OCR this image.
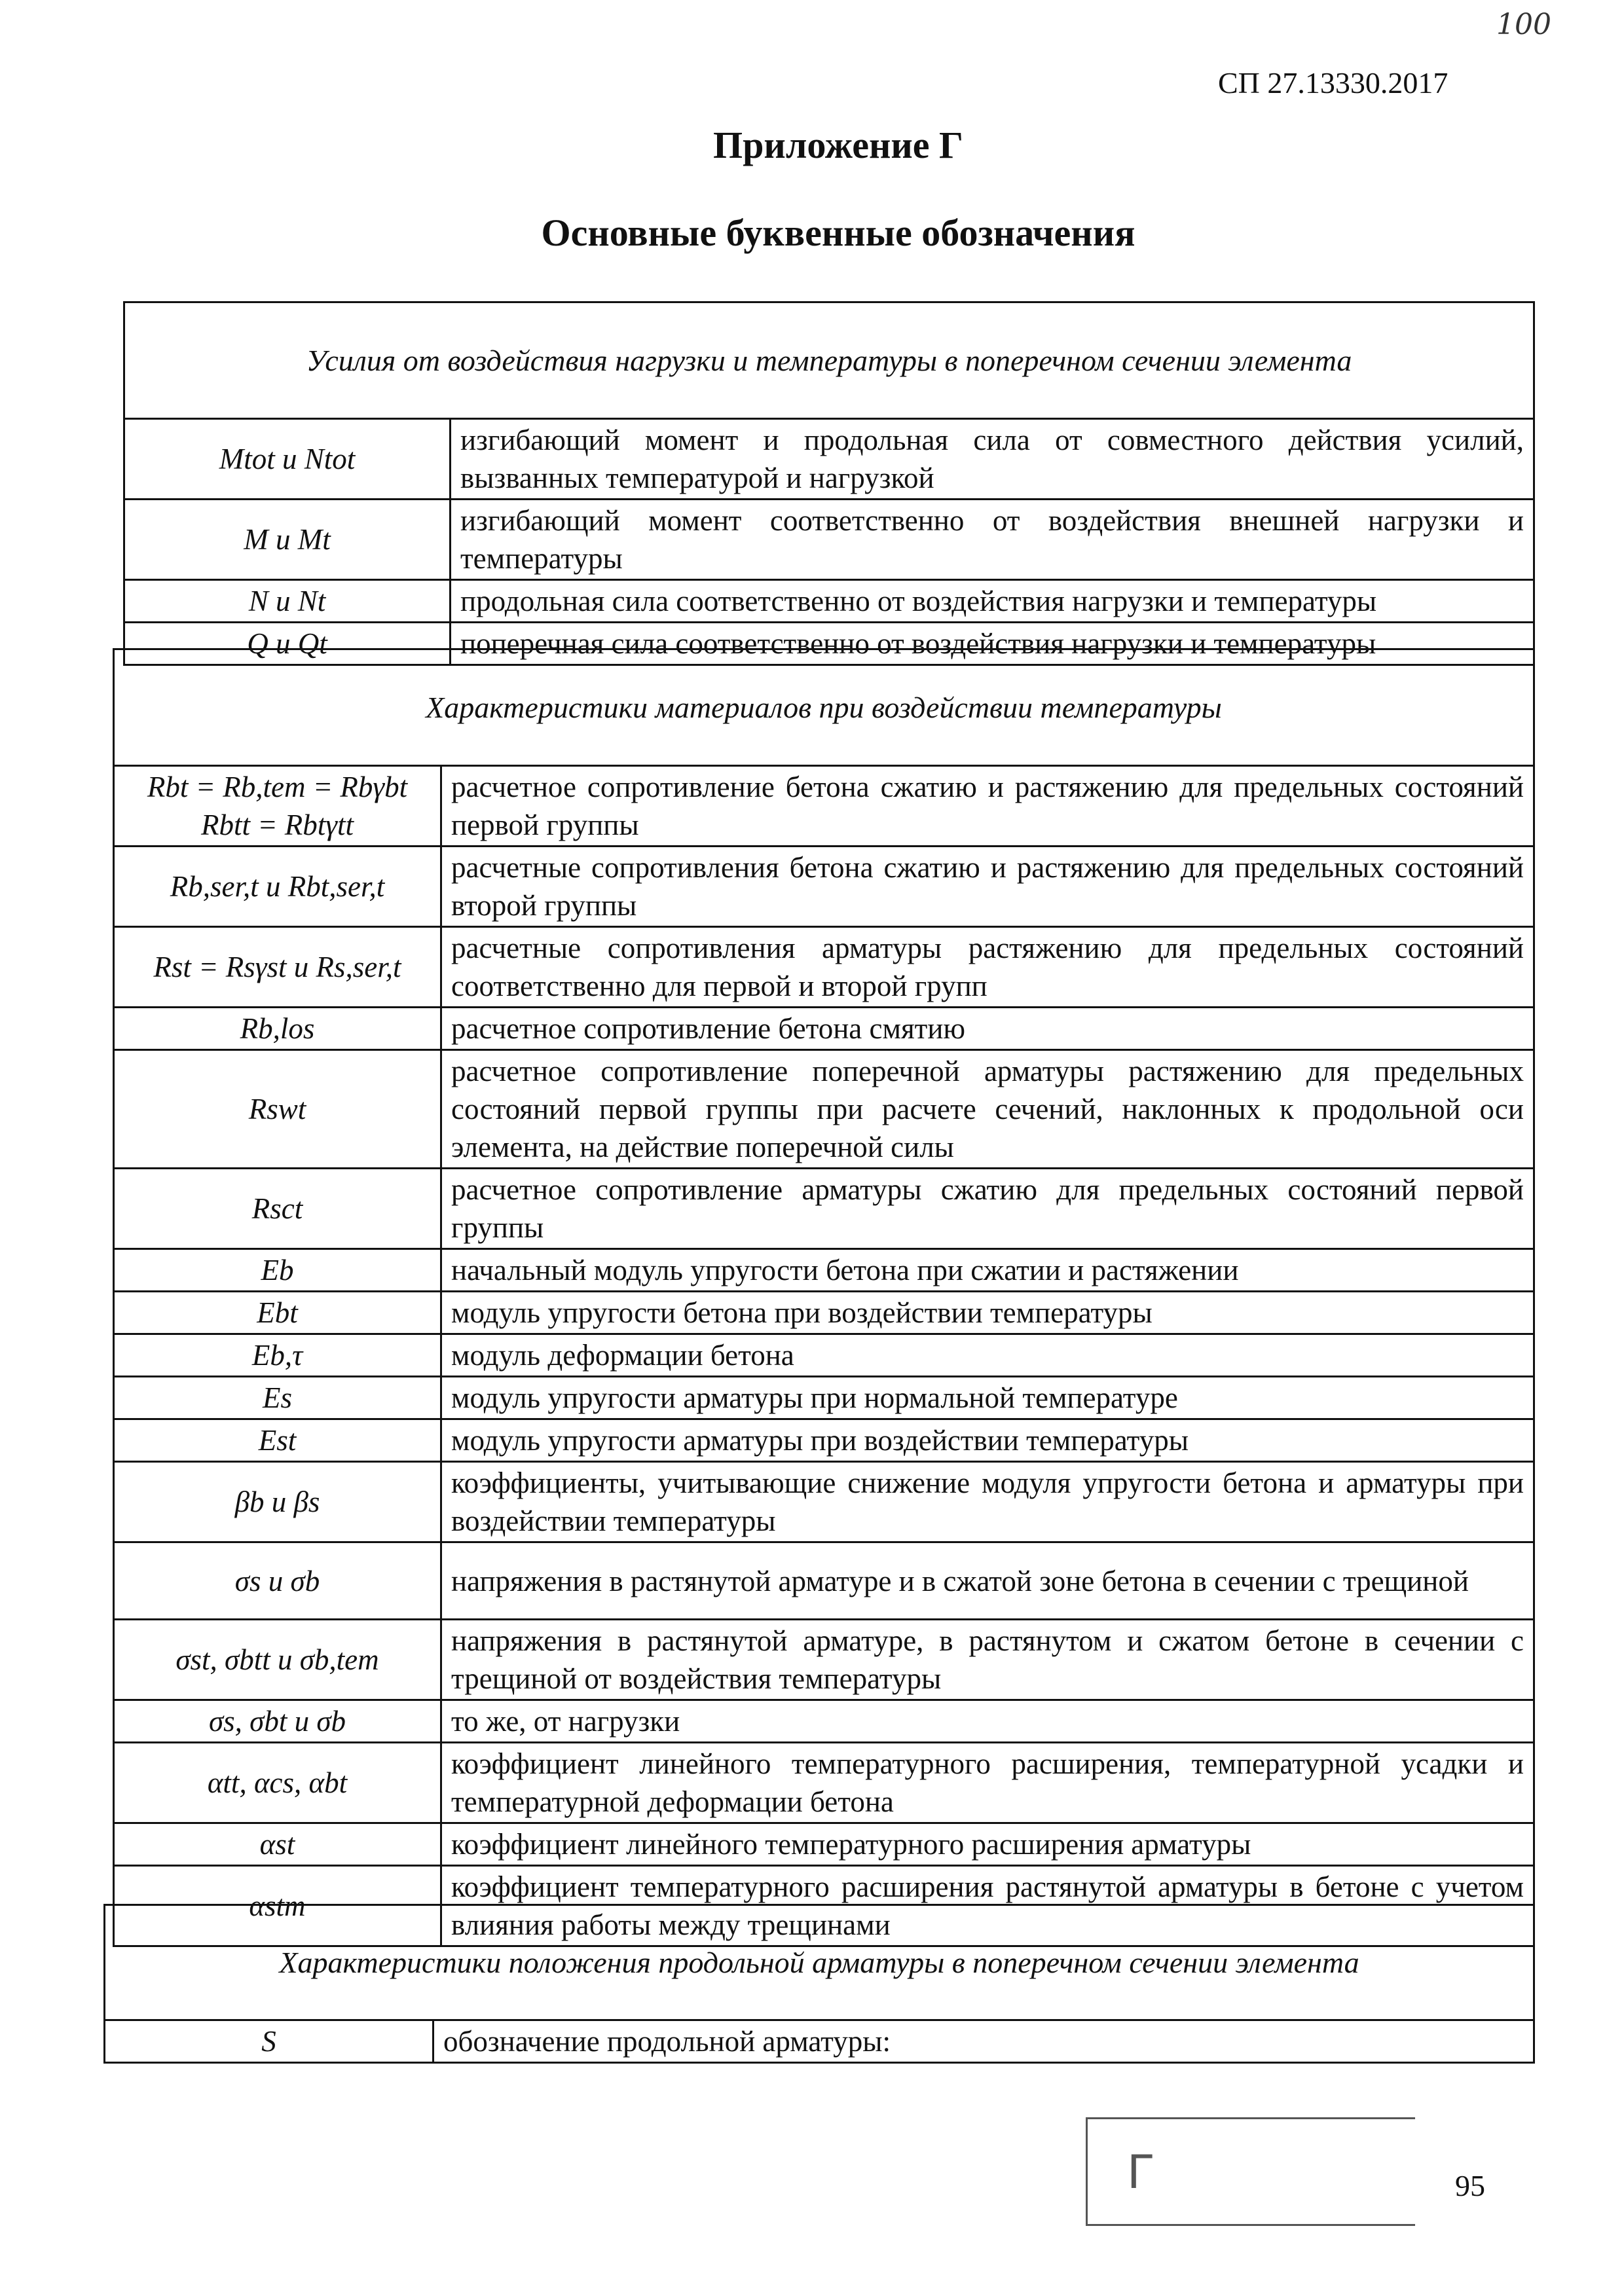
100
СП 27.13330.2017
Приложение Г
Основные буквенные обозначения
Усилия от воздействия нагрузки и температуры в поперечном сечении элемента	
Mtot и Ntot	изгибающий момент и продольная сила от совместного действия усилий, вызванных температурой и нагрузкой
M и Mt	изгибающий момент соответственно от воздействия внешней нагрузки и температуры
N и Nt	продольная сила соответственно от воздействия нагрузки и температуры
Q и Qt	поперечная сила соответственно от воздействия нагрузки и температуры
Характеристики материалов при воздействии температуры	

Rbt = Rb,tem = Rbγbt
Rbtt = Rbtγtt	расчетное сопротивление бетона сжатию и растяжению для предельных состояний первой группы
Rb,ser,t и Rbt,ser,t	расчетные сопротивления бетона сжатию и растяжению для предельных состояний второй группы
Rst = Rsγst и Rs,ser,t	расчетные сопротивления арматуры растяжению для предельных состояний соответственно для первой и второй групп
Rb,los	расчетное сопротивление бетона смятию
Rswt	расчетное сопротивление поперечной арматуры растяжению для предельных состояний первой группы при расчете сечений, наклонных к продольной оси элемента, на действие поперечной силы
Rsct	расчетное сопротивление арматуры сжатию для предельных состояний первой группы
Eb	начальный модуль упругости бетона при сжатии и растяжении
Ebt	модуль упругости бетона при воздействии температуры
Eb,τ	модуль деформации бетона
Es	модуль упругости арматуры при нормальной температуре
Est	модуль упругости арматуры при воздействии температуры
βb и βs	коэффициенты, учитывающие снижение модуля упругости бетона и арматуры при воздействии температуры
σs и σb	напряжения в растянутой арматуре и в сжатой зоне бетона в сечении с трещиной
σst, σbtt и σb,tem	напряжения в растянутой арматуре, в растянутом и сжатом бетоне в сечении с трещиной от воздействия температуры
σs, σbt и σb	то же, от нагрузки
αtt, αcs, αbt	коэффициент линейного температурного расширения, температурной усадки и температурной деформации бетона
αst	коэффициент линейного температурного расширения арматуры
αstm	коэффициент температурного расширения растянутой арматуры в бетоне с учетом влияния работы между трещинами
Характеристики положения продольной арматуры в поперечном сечении элемента
S	обозначение продольной арматуры:
Г	95
